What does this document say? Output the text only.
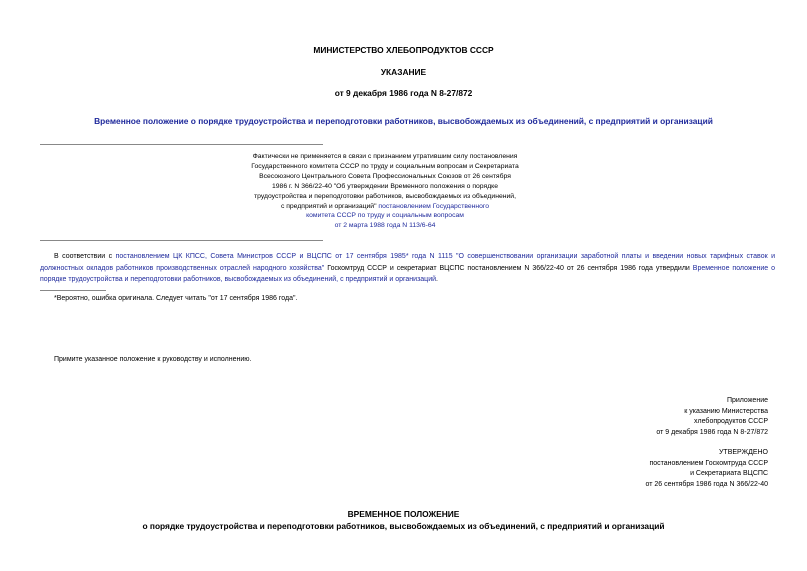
МИНИСТЕРСТВО ХЛЕБОПРОДУКТОВ СССР
УКАЗАНИЕ
от 9 декабря 1986 года N 8-27/872
Временное положение о порядке трудоустройства и переподготовки работников, высвобождаемых из объединений, с предприятий и организаций
Фактически не применяется в связи с признанием утратившим силу постановления
Государственного комитета СССР по труду и социальным вопросам и Секретариата
Всесоюзного Центрального Совета Профессиональных Союзов от 26 сентября
1986 г. N 366/22-40 "Об утверждении Временного положения о порядке
трудоустройства и переподготовки работников, высвобождаемых из объединений,
с предприятий и организаций" постановлением Государственного
комитета СССР по труду и социальным вопросам
от 2 марта 1988 года N 113/6-64
В соответствии с постановлением ЦК КПСС, Совета Министров СССР и ВЦСПС от 17 сентября 1985* года N 1115 "О совершенствовании организации заработной платы и введении новых тарифных ставок и должностных окладов работников производственных отраслей народного хозяйства" Госкомтруд СССР и секретариат ВЦСПС постановлением N 366/22-40 от 26 сентября 1986 года утвердили Временное положение о порядке трудоустройства и переподготовки работников, высвобождаемых из объединений, с предприятий и организаций.
*Вероятно, ошибка оригинала. Следует читать "от 17 сентября 1986 года".
Примите указанное положение к руководству и исполнению.
Приложение
к указанию Министерства
хлебопродуктов СССР
от 9 декабря 1986 года N 8-27/872
УТВЕРЖДЕНО
постановлением Госкомтруда СССР
и Секретариата ВЦСПС
от 26 сентября 1986 года N 366/22-40
ВРЕМЕННОЕ ПОЛОЖЕНИЕ
о порядке трудоустройства и переподготовки работников, высвобождаемых из объединений, с предприятий и организаций
